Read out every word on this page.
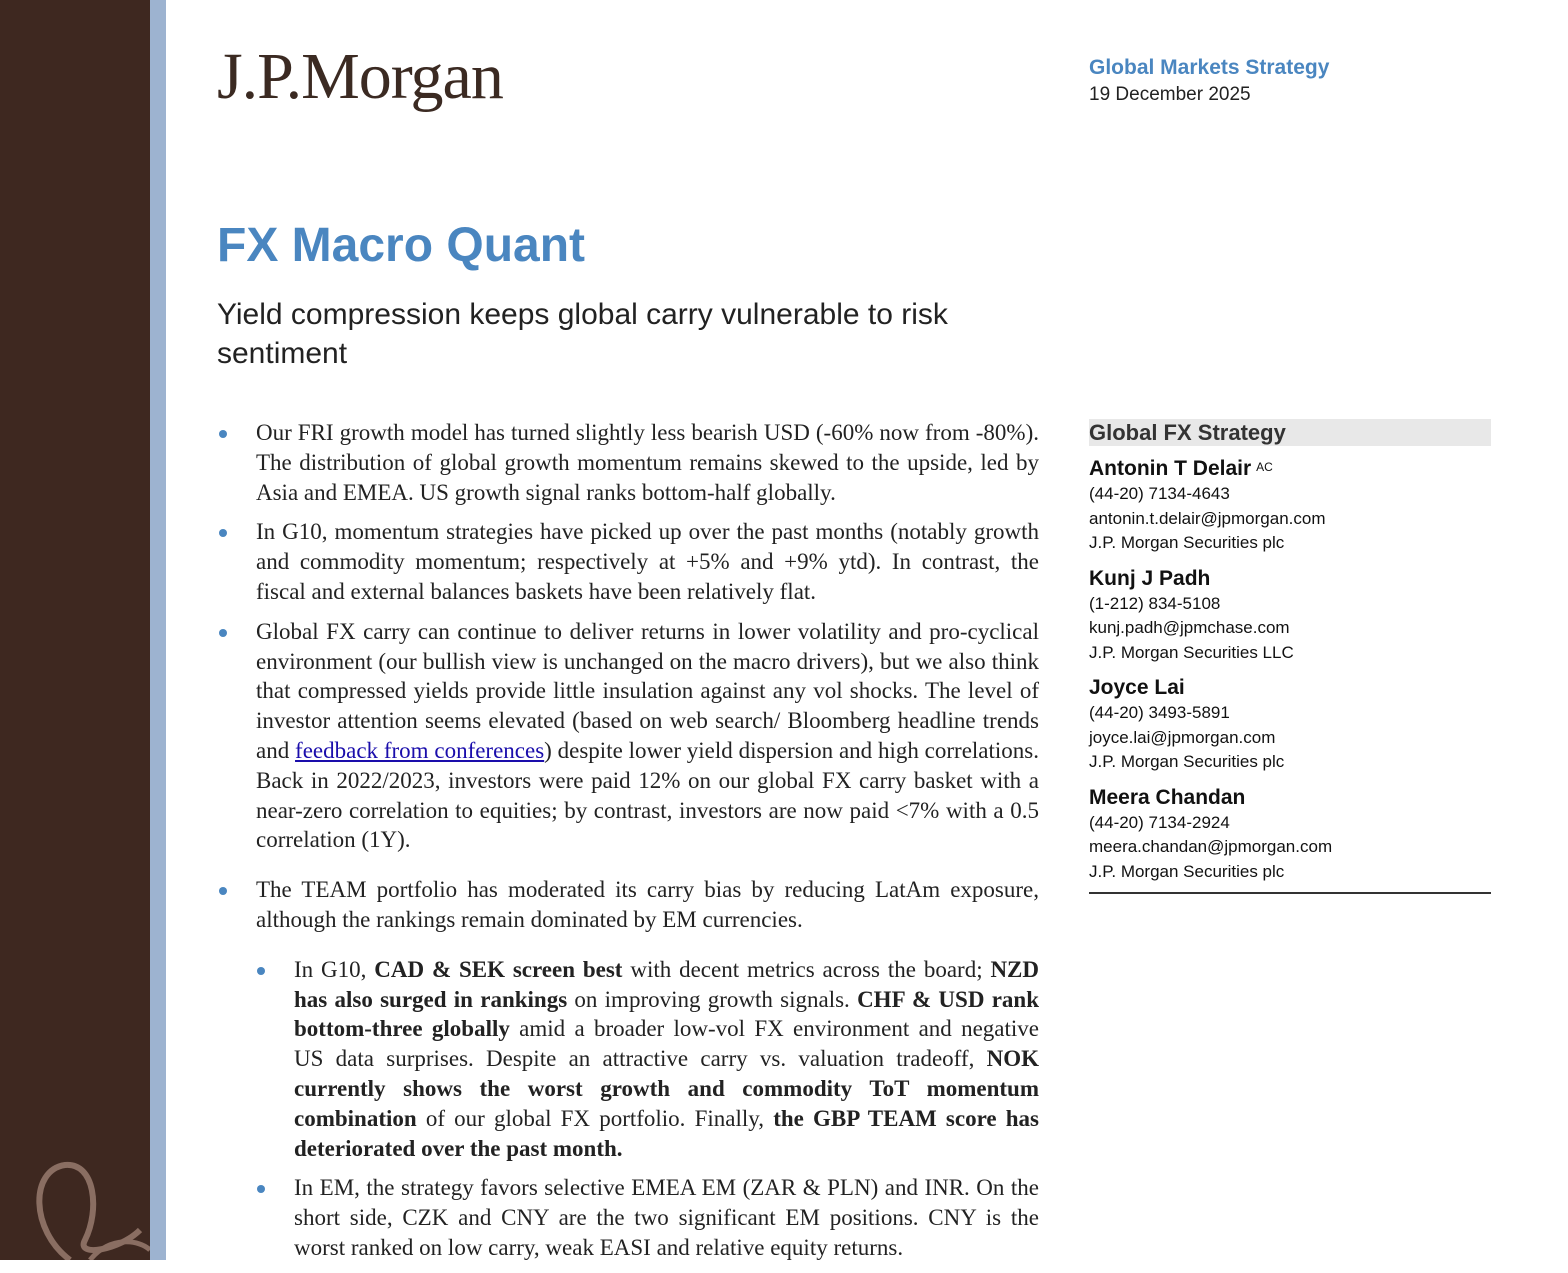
J.P.Morgan	Global Markets Strategy
19 December 2025
FX Macro Quant
Yield compression keeps global carry vulnerable to risk sentiment
Our FRI growth model has turned slightly less bearish USD (-60% now from -80%). The distribution of global growth momentum remains skewed to the upside, led by Asia and EMEA. US growth signal ranks bottom-half globally.
In G10, momentum strategies have picked up over the past months (notably growth and commodity momentum; respectively at +5% and +9% ytd). In contrast, the fiscal and external balances baskets have been relatively flat.
Global FX carry can continue to deliver returns in lower volatility and pro-cyclical environment (our bullish view is unchanged on the macro drivers), but we also think that compressed yields provide little insulation against any vol shocks. The level of investor attention seems elevated (based on web search/ Bloomberg headline trends and feedback from conferences) despite lower yield dispersion and high correlations. Back in 2022/2023, investors were paid 12% on our global FX carry basket with a near-zero correlation to equities; by contrast, investors are now paid <7% with a 0.5 correlation (1Y).
The TEAM portfolio has moderated its carry bias by reducing LatAm exposure, although the rankings remain dominated by EM currencies.
In G10, CAD & SEK screen best with decent metrics across the board; NZD has also surged in rankings on improving growth signals. CHF & USD rank bottom-three globally amid a broader low-vol FX environment and negative US data surprises. Despite an attractive carry vs. valuation tradeoff, NOK currently shows the worst growth and commodity ToT momentum combination of our global FX portfolio. Finally, the GBP TEAM score has deteriorated over the past month.
In EM, the strategy favors selective EMEA EM (ZAR & PLN) and INR. On the short side, CZK and CNY are the two significant EM positions. CNY is the worst ranked on low carry, weak EASI and relative equity returns.
Global FX Strategy
Antonin T Delair $^{AC}$
(44-20) 7134-4643
antonin.t.delair@jpmorgan.com
J.P. Morgan Securities plc
Kunj J Padh
(1-212) 834-5108
kunj.padh@jpmchase.com
J.P. Morgan Securities LLC
Joyce Lai
(44-20) 3493-5891
joyce.lai@jpmorgan.com
J.P. Morgan Securities plc
Meera Chandan
(44-20) 7134-2924
meera.chandan@jpmorgan.com
J.P. Morgan Securities plc
